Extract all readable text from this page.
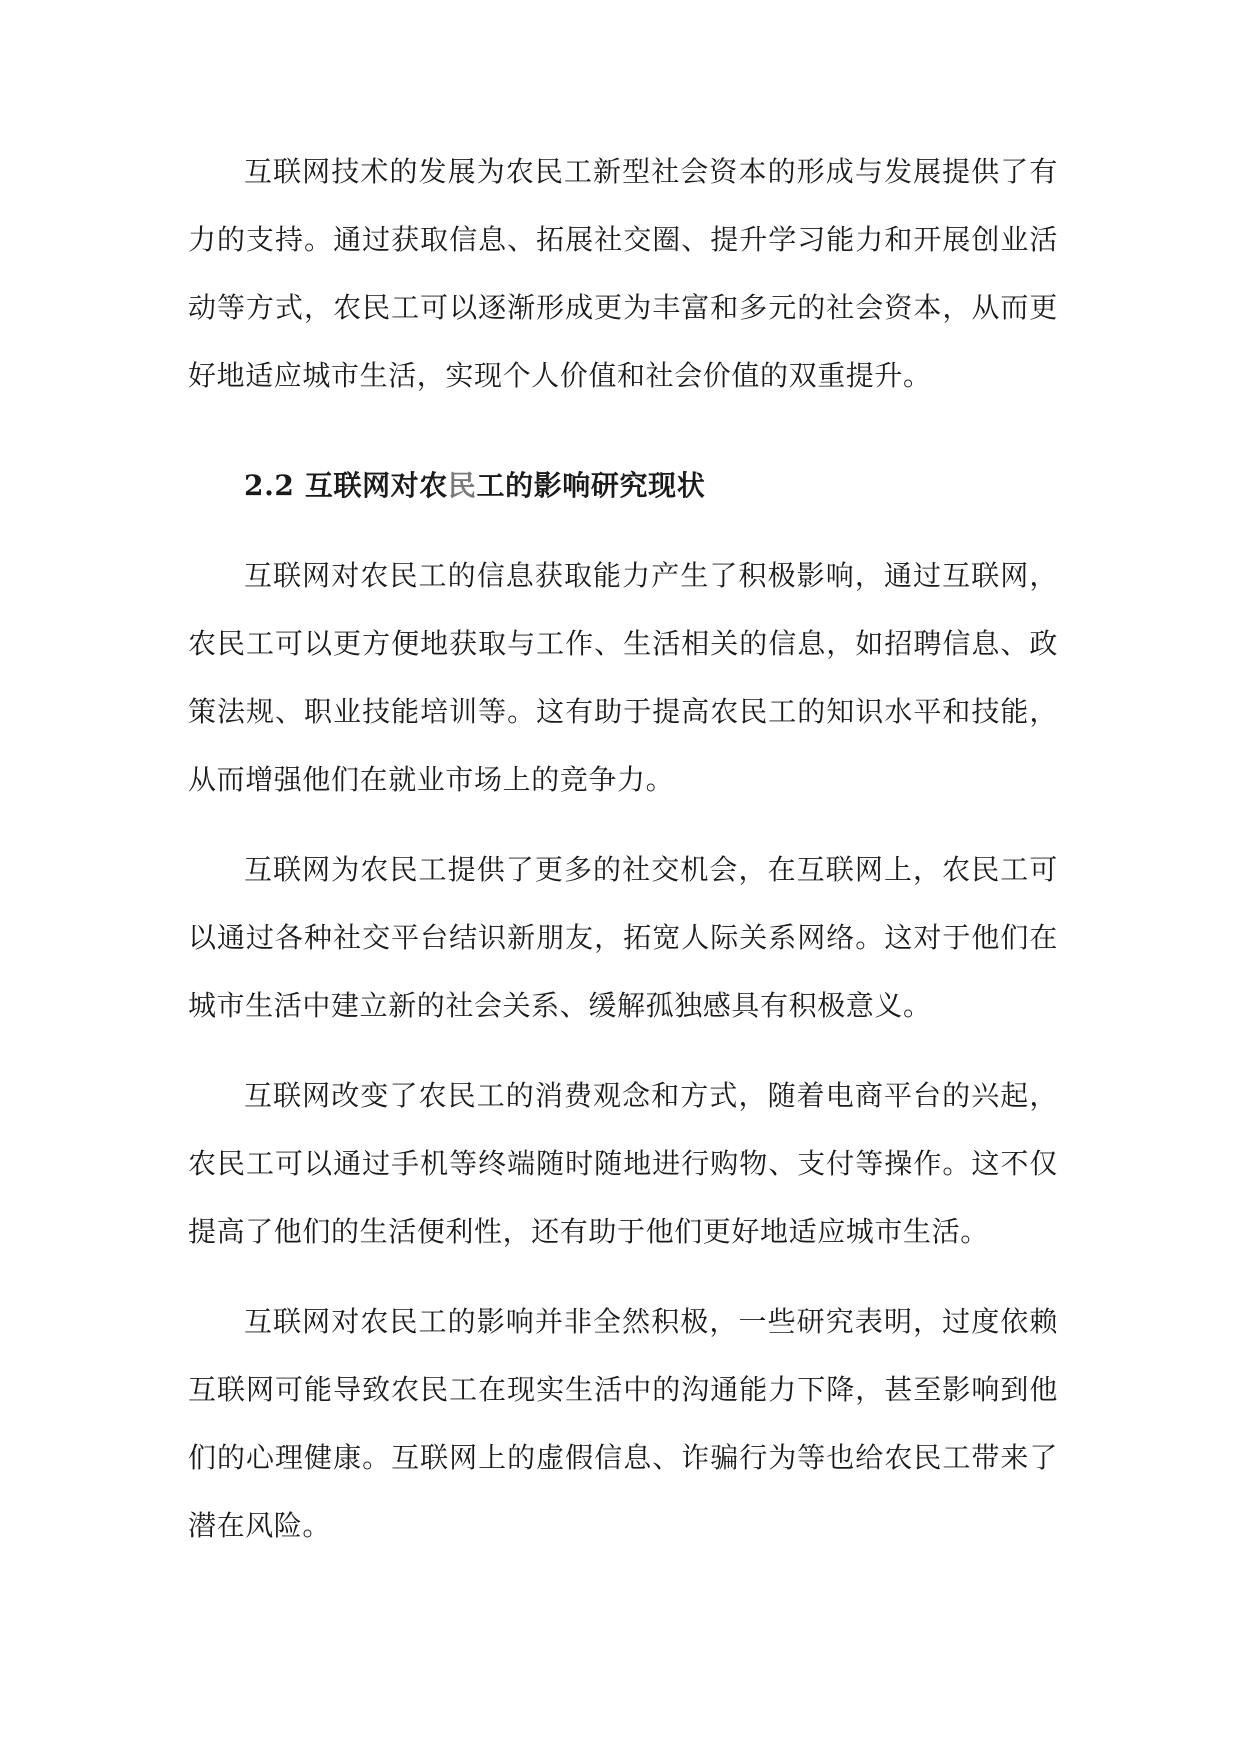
互联网技术的发展为农民工新型社会资本的形成与发展提供了有力的支持。通过获取信息、拓展社交圈、提升学习能力和开展创业活动等方式，农民工可以逐渐形成更为丰富和多元的社会资本，从而更好地适应城市生活，实现个人价值和社会价值的双重提升。

2.2 互联网对农民工的影响研究现状

互联网对农民工的信息获取能力产生了积极影响，通过互联网，农民工可以更方便地获取与工作、生活相关的信息，如招聘信息、政策法规、职业技能培训等。这有助于提高农民工的知识水平和技能，从而增强他们在就业市场上的竞争力。

互联网为农民工提供了更多的社交机会，在互联网上，农民工可以通过各种社交平台结识新朋友，拓宽人际关系网络。这对于他们在城市生活中建立新的社会关系、缓解孤独感具有积极意义。

互联网改变了农民工的消费观念和方式，随着电商平台的兴起，农民工可以通过手机等终端随时随地进行购物、支付等操作。这不仅提高了他们的生活便利性，还有助于他们更好地适应城市生活。

互联网对农民工的影响并非全然积极，一些研究表明，过度依赖互联网可能导致农民工在现实生活中的沟通能力下降，甚至影响到他们的心理健康。互联网上的虚假信息、诈骗行为等也给农民工带来了潜在风险。
